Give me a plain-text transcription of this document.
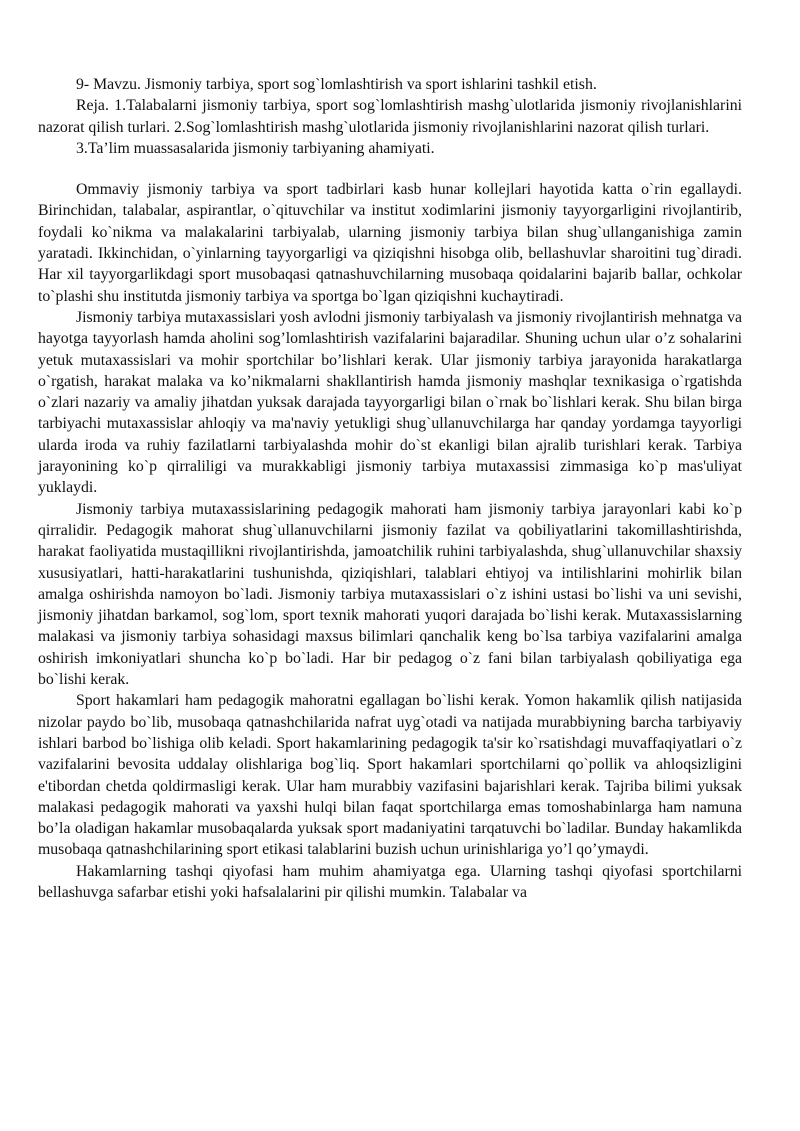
9- Mavzu. Jismoniy tarbiya, sport sog`lomlashtirish va sport ishlarini tashkil etish.

Reja. 1.Talabalarni jismoniy tarbiya, sport sog`lomlashtirish mashg`ulotlarida jismoniy rivojlanishlarini nazorat qilish turlari. 2.Sog`lomlashtirish mashg`ulotlarida jismoniy rivojlanishlarini nazorat qilish turlari.

3.Ta’lim muassasalarida jismoniy tarbiyaning ahamiyati.

Ommaviy jismoniy tarbiya va sport tadbirlari kasb hunar kollejlari hayotida katta o`rin egallaydi. Birinchidan, talabalar, aspirantlar, o`qituvchilar va institut xodimlarini jismoniy tayyorgarligini rivojlantirib, foydali ko`nikma va malakalarini tarbiyalab, ularning jismoniy tarbiya bilan shug`ullanganishiga zamin yaratadi. Ikkinchidan, o`yinlarning tayyorgarligi va qiziqishni hisobga olib, bellashuvlar sharoitini tug`diradi. Har xil tayyorgarlikdagi sport musobaqasi qatnashuvchilarning musobaqa qoidalarini bajarib ballar, ochkolar to`plashi shu institutda jismoniy tarbiya va sportga bo`lgan qiziqishni kuchaytiradi.

Jismoniy tarbiya mutaxassislari yosh avlodni jismoniy tarbiyalash va jismoniy rivojlantirish mehnatga va hayotga tayyorlash hamda aholini sog’lomlashtirish vazifalarini bajaradilar. Shuning uchun ular o’z sohalarini yetuk mutaxassislari va mohir sportchilar bo’lishlari kerak. Ular jismoniy tarbiya jarayonida harakatlarga o`rgatish, harakat malaka va ko’nikmalarni shakllantirish hamda jismoniy mashqlar texnikasiga o`rgatishda o`zlari nazariy va amaliy jihatdan yuksak darajada tayyorgarligi bilan o`rnak bo`lishlari kerak. Shu bilan birga tarbiyachi mutaxassislar ahloqiy va ma'naviy yetukligi shug`ullanuvchilarga har qanday yordamga tayyorligi ularda iroda va ruhiy fazilatlarni tarbiyalashda mohir do`st ekanligi bilan ajralib turishlari kerak. Tarbiya jarayonining ko`p qirraliligi va murakkabligi jismoniy tarbiya mutaxassisi zimmasiga ko`p mas'uliyat yuklaydi.

Jismoniy tarbiya mutaxassislarining pedagogik mahorati ham jismoniy tarbiya jarayonlari kabi ko`p qirralidir. Pedagogik mahorat shug`ullanuvchilarni jismoniy fazilat va qobiliyatlarini takomillashtirishda, harakat faoliyatida mustaqillikni rivojlantirishda, jamoatchilik ruhini tarbiyalashda, shug`ullanuvchilar shaxsiy xususiyatlari, hatti-harakatlarini tushunishda, qiziqishlari, talablari ehtiyoj va intilishlarini mohirlik bilan amalga oshirishda namoyon bo`ladi. Jismoniy tarbiya mutaxassislari o`z ishini ustasi bo`lishi va uni sevishi, jismoniy jihatdan barkamol, sog`lom, sport texnik mahorati yuqori darajada bo`lishi kerak. Mutaxassislarning malakasi va jismoniy tarbiya sohasidagi maxsus bilimlari qanchalik keng bo`lsa tarbiya vazifalarini amalga oshirish imkoniyatlari shuncha ko`p bo`ladi. Har bir pedagog o`z fani bilan tarbiyalash qobiliyatiga ega bo`lishi kerak.

Sport hakamlari ham pedagogik mahoratni egallagan bo`lishi kerak. Yomon hakamlik qilish natijasida nizolar paydo bo`lib, musobaqa qatnashchilarida nafrat uyg`otadi va natijada murabbiyning barcha tarbiyaviy ishlari barbod bo`lishiga olib keladi. Sport hakamlarining pedagogik ta'sir ko`rsatishdagi muvaffaqiyatlari o`z vazifalarini bevosita uddalay olishlariga bog`liq. Sport hakamlari sportchilarni qo`pollik va ahloqsizligini e'tibordan chetda qoldirmasligi kerak. Ular ham murabbiy vazifasini bajarishlari kerak. Tajriba bilimi yuksak malakasi pedagogik mahorati va yaxshi hulqi bilan faqat sportchilarga emas tomoshabinlarga ham namuna bo’la oladigan hakamlar musobaqalarda yuksak sport madaniyatini tarqatuvchi bo`ladilar. Bunday hakamlikda musobaqa qatnashchilarining sport etikasi talablarini buzish uchun urinishlariga yo’l qo’ymaydi.

Hakamlarning tashqi qiyofasi ham muhim ahamiyatga ega. Ularning tashqi qiyofasi sportchilarni bellashuvga safarbar etishi yoki hafsalalarini pir qilishi mumkin. Talabalar va
